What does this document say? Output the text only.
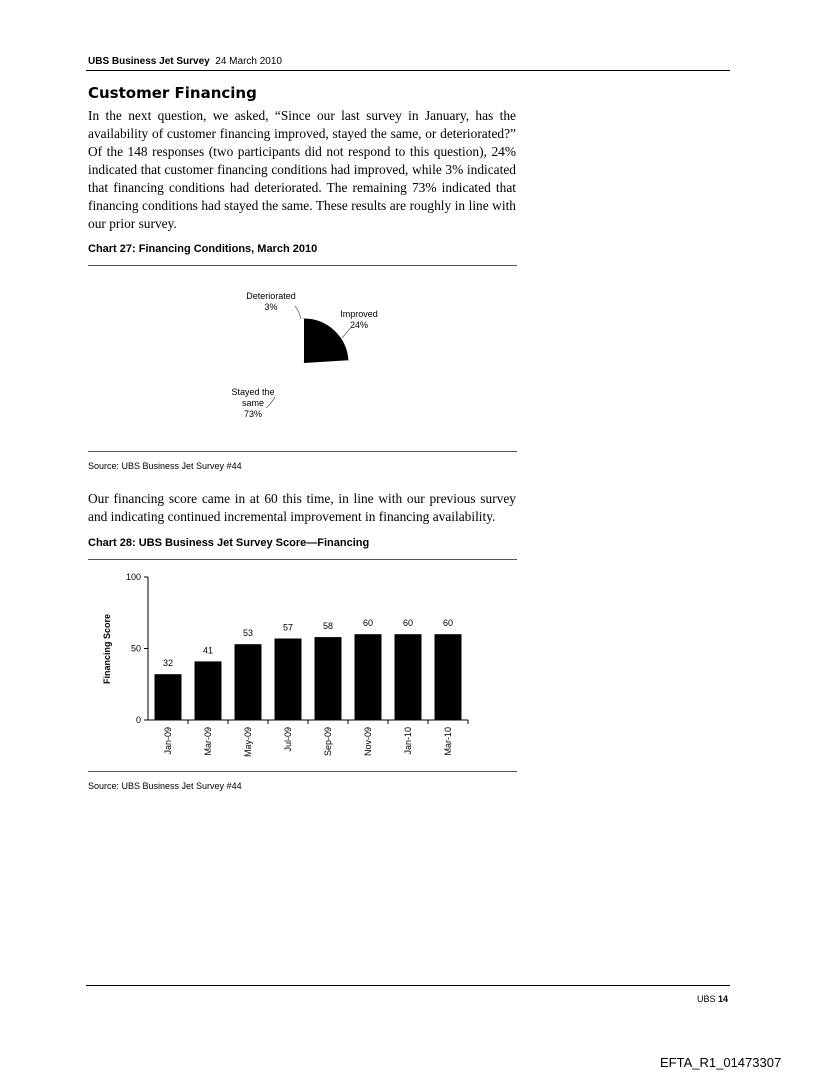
UBS Business Jet Survey 24 March 2010
Customer Financing
In the next question, we asked, “Since our last survey in January, has the availability of customer financing improved, stayed the same, or deteriorated?” Of the 148 responses (two participants did not respond to this question), 24% indicated that customer financing conditions had improved, while 3% indicated that financing conditions had deteriorated. The remaining 73% indicated that financing conditions had stayed the same. These results are roughly in line with our prior survey.
Chart 27: Financing Conditions, March 2010
Deteriorated 3%
Improved 24%
Stayed the same 73%
Source: UBS Business Jet Survey #44
Our financing score came in at 60 this time, in line with our previous survey and indicating continued incremental improvement in financing availability.
Chart 28: UBS Business Jet Survey Score—Financing
Financing Score
0
50
100
32
Jan-09
41
Mar-09
53
May-09
57
Jul-09
58
Sep-09
60
Nov-09
60
Jan-10
60
Mar-10
Source: UBS Business Jet Survey #44
UBS 14
EFTA_R1_01473307
